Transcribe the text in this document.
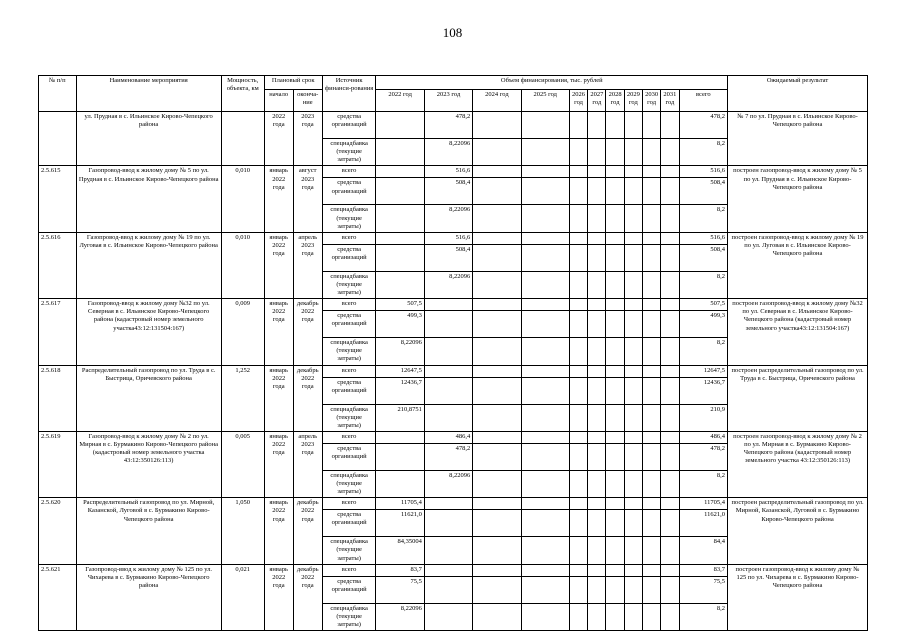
108
№ п/п	Наименование мероприятия	Мощность, объекта, км	Плановый срок		Источник финанси-рования	Объем финансирования, тыс. рублей											Ожидаемый результат
			начало	оконча-ние		2022 год	2023 год	2024 год	2025 год	2026 год	2027 год	2028 год	2029 год	2030 год	2031 год	всего	
	ул. Прудная в с. Ильинское Кирово-Чепецкого района		2022 года	2023 года	средства организаций		478,2									478,2	№ 7 по ул. Прудная в с. Ильинское Кирово-Чепецкого района
					спецнадбавка (текущие затраты)		8,22096									8,2	
2.5.615	Газопровод-ввод к жилому дому № 5 по ул. Прудная в с. Ильинское Кирово-Чепецкого района	0,010	январь 2022 года	август 2023 года	всего		516,6									516,6	построен газопровод-ввод к жилому дому № 5 по ул. Прудная в с. Ильинское Кирово-Чепецкого района
					средства организаций		508,4									508,4	
					спецнадбавка (текущие затраты)		8,22096									8,2	
2.5.616	Газопровод-ввод к жилому дому № 19 по ул. Луговая в с. Ильинское Кирово-Чепецкого района	0,010	январь 2022 года	апрель 2023 года	всего		516,6									516,6	построен газопровод-ввод к жилому дому № 19 по ул. Луговая в с. Ильинское Кирово-Чепецкого района
					средства организаций		508,4									508,4	
					спецнадбавка (текущие затраты)		8,22096									8,2	
2.5.617	Газопровод-ввод к жилому дому №32 по ул. Северная в с. Ильинское Кирово-Чепецкого района (кадастровый номер земельного участка43:12:131504:167)	0,009	январь 2022 года	декабрь 2022 года	всего	507,5										507,5	построен газопровод-ввод к жилому дому №32 по ул. Северная в с. Ильинское Кирово-Чепецкого района (кадастровый номер земельного участка43:12:131504:167)
					средства организаций	499,3										499,3	
					спецнадбавка (текущие затраты)	8,22096										8,2	
2.5.618	Распределительный газопровод по ул. Труда в с. Быстрица, Оричевского района	1,252	январь 2022 года	декабрь 2022 года	всего	12647,5										12647,5	построен распределительный газопровод по ул. Труда в с. Быстрица, Оричевского района
					средства организаций	12436,7										12436,7	
					спецнадбавка (текущие затраты)	210,8751										210,9	
2.5.619	Газопровод-ввод к жилому дому № 2 по ул. Мирная в с. Бурмакино Кирово-Чепецкого района (кадастровый номер земельного участка 43:12:350126:113)	0,005	январь 2022 года	апрель 2023 года	всего		486,4									486,4	построен газопровод-ввод к жилому дому № 2 по ул. Мирная в с. Бурмакино Кирово-Чепецкого района (кадастровый номер земельного участка 43:12:350126:113)
					средства организаций		478,2									478,2	
					спецнадбавка (текущие затраты)		8,22096									8,2	
2.5.620	Распределительный газопровод по ул. Мирной, Казанской, Луговой в с. Бурмакино Кирово-Чепецкого района	1,050	январь 2022 года	декабрь 2022 года	всего	11705,4										11705,4	построен распределительный газопровод по ул. Мирной, Казанской, Луговой в с. Бурмакино Кирово-Чепецкого района
					средства организаций	11621,0										11621,0	
					спецнадбавка (текущие затраты)	84,35004										84,4	
2.5.621	Газопровод-ввод к жилому дому № 125 по ул. Чихарева в с. Бурмакино Кирово-Чепецкого района	0,021	январь 2022 года	декабрь 2022 года	всего	83,7										83,7	построен газопровод-ввод к жилому дому № 125 по ул. Чихарева в с. Бурмакино Кирово-Чепецкого района
					средства организаций	75,5										75,5	
					спецнадбавка (текущие затраты)	8,22096										8,2	
